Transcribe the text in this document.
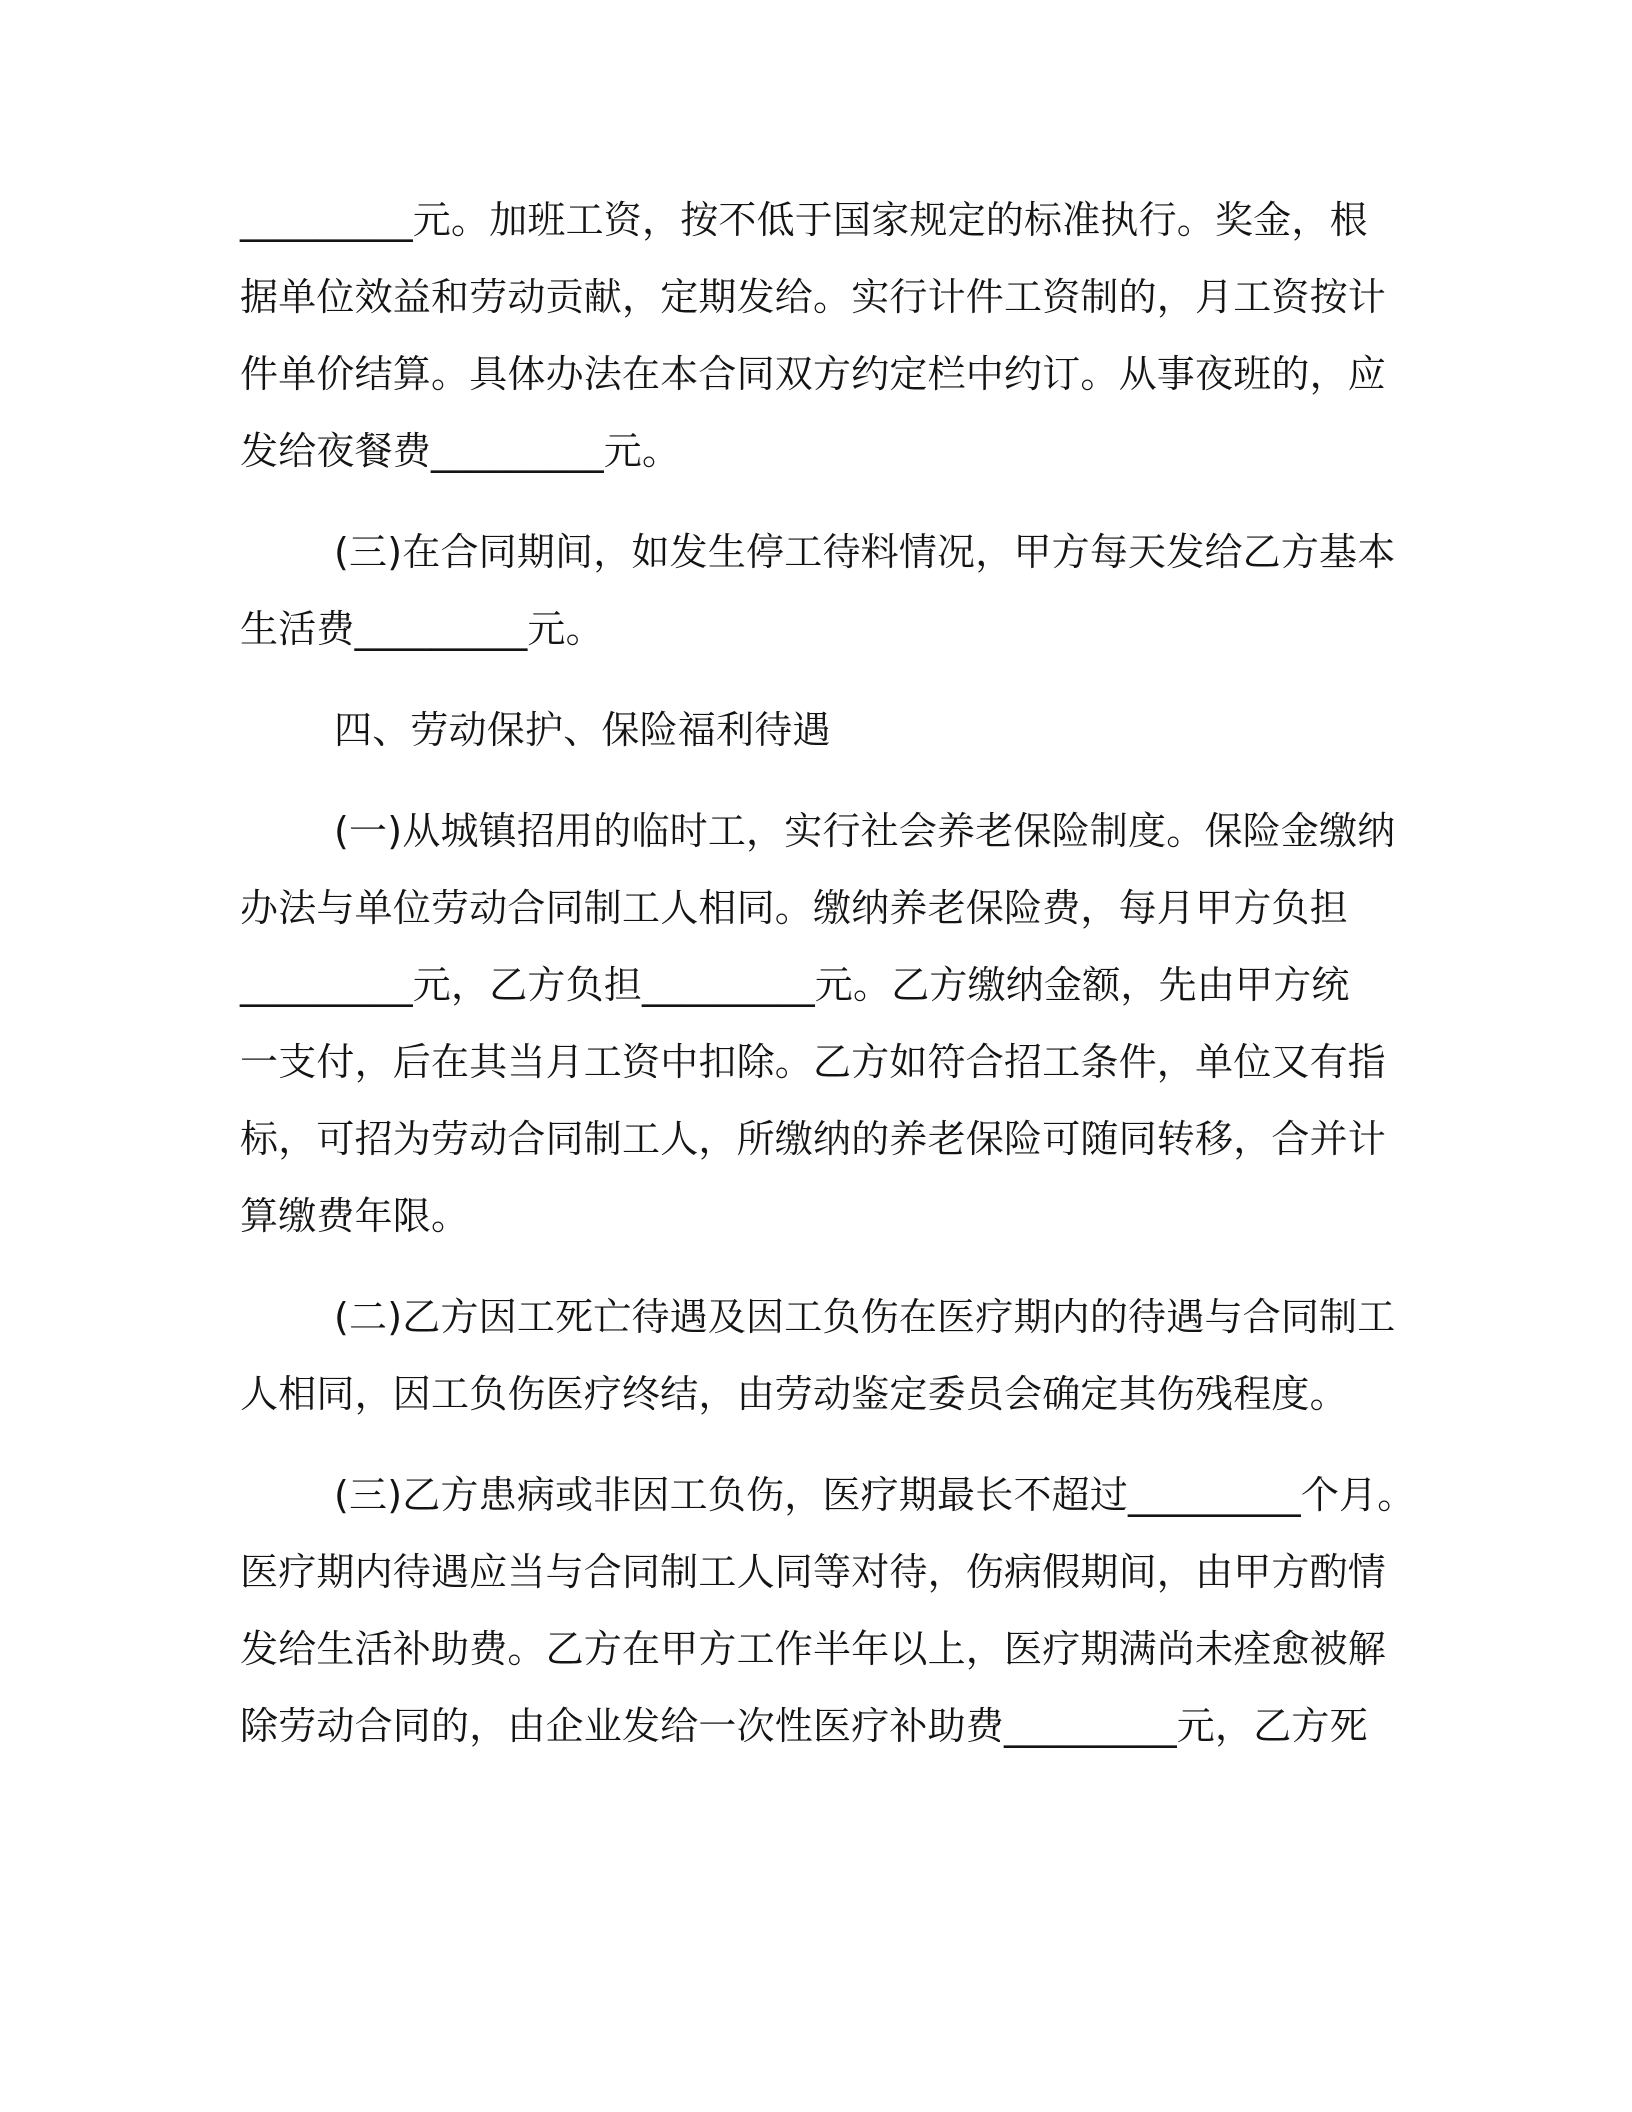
_________元。加班工资，按不低于国家规定的标准执行。奖金，根
据单位效益和劳动贡献，定期发给。实行计件工资制的，月工资按计
件单价结算。具体办法在本合同双方约定栏中约订。从事夜班的，应
发给夜餐费_________元。
(三)在合同期间，如发生停工待料情况，甲方每天发给乙方基本
生活费_________元。
四、劳动保护、保险福利待遇
(一)从城镇招用的临时工，实行社会养老保险制度。保险金缴纳
办法与单位劳动合同制工人相同。缴纳养老保险费，每月甲方负担
_________元，乙方负担_________元。乙方缴纳金额，先由甲方统
一支付，后在其当月工资中扣除。乙方如符合招工条件，单位又有指
标，可招为劳动合同制工人，所缴纳的养老保险可随同转移，合并计
算缴费年限。
(二)乙方因工死亡待遇及因工负伤在医疗期内的待遇与合同制工
人相同，因工负伤医疗终结，由劳动鉴定委员会确定其伤残程度。
(三)乙方患病或非因工负伤，医疗期最长不超过_________个月。
医疗期内待遇应当与合同制工人同等对待，伤病假期间，由甲方酌情
发给生活补助费。乙方在甲方工作半年以上，医疗期满尚未痊愈被解
除劳动合同的，由企业发给一次性医疗补助费_________元，乙方死
